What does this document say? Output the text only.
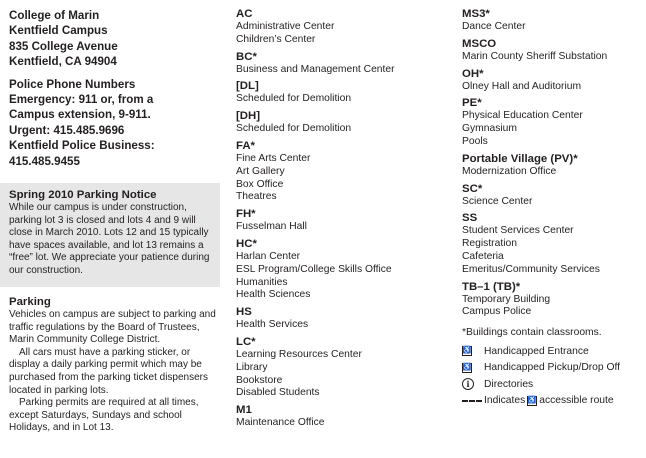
College of Marin
Kentfield Campus
835 College Avenue
Kentfield, CA 94904
Police Phone Numbers
Emergency: 911 or, from a
Campus extension, 9-911.
Urgent: 415.485.9696
Kentfield Police Business:
415.485.9455
Spring 2010 Parking Notice
While our campus is under construction, parking lot 3 is closed and lots 4 and 9 will close in March 2010. Lots 12 and 15 typically have spaces available, and lot 13 remains a “free” lot. We appreciate your patience during our construction.
Parking

Vehicles on campus are subject to parking and traffic regulations by the Board of Trustees, Marin Community College District.

All cars must have a parking sticker, or display a daily parking permit which may be purchased from the parking ticket dispensers located in parking lots.

Parking permits are required at all times, except Saturdays, Sundays and school Holidays, and in Lot 13.

AC
Administrative Center
Children’s Center
BC*
Business and Management Center
[DL]
Scheduled for Demolition
[DH]
Scheduled for Demolition
FA*
Fine Arts Center
Art Gallery
Box Office
Theatres
FH*
Fusselman Hall
HC*
Harlan Center
ESL Program/College Skills Office
Humanities
Health Sciences
HS
Health Services
LC*
Learning Resources Center
Library
Bookstore
Disabled Students
M1
Maintenance Office
MS3*
Dance Center
MSCO
Marin County Sheriff Substation
OH*
Olney Hall and Auditorium
PE*
Physical Education Center
Gymnasium
Pools
Portable Village (PV)*
Modernization Office
SC*
Science Center
SS
Student Services Center
Registration
Cafeteria
Emeritus/Community Services
TB–1 (TB)*
Temporary Building
Campus Police
*Buildings contain classrooms.
♿ Handicapped Entrance
♿ Handicapped Pickup/Drop Off
i	Directories
Indicates ♿ accessible route
